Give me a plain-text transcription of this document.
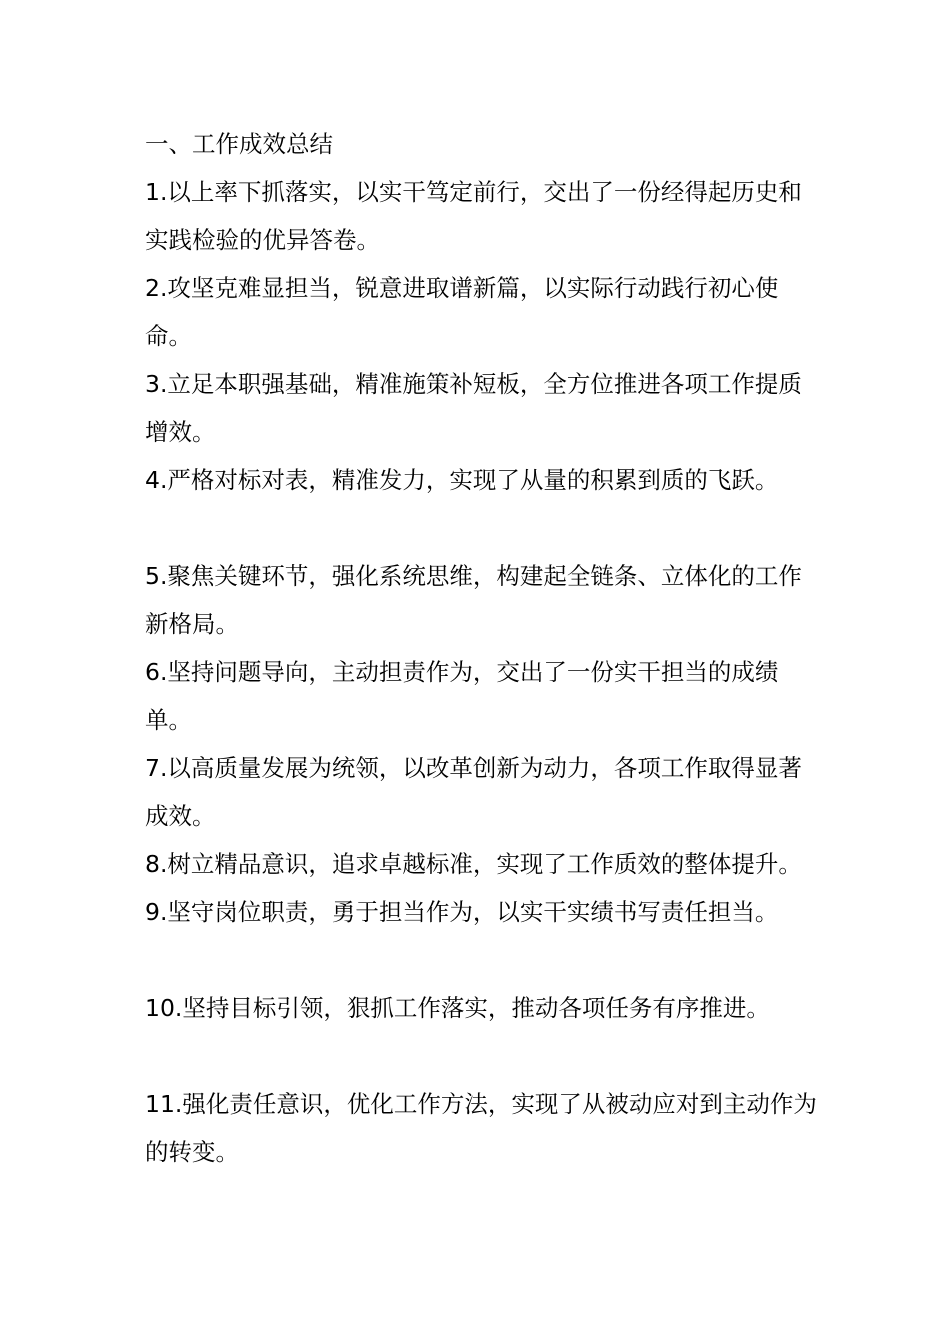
一、工作成效总结

1.以上率下抓落实，以实干笃定前行，交出了一份经得起历史和实践检验的优异答卷。

2.攻坚克难显担当，锐意进取谱新篇，以实际行动践行初心使命。

3.立足本职强基础，精准施策补短板，全方位推进各项工作提质增效。

4.严格对标对表，精准发力，实现了从量的积累到质的飞跃。

5.聚焦关键环节，强化系统思维，构建起全链条、立体化的工作新格局。

6.坚持问题导向，主动担责作为，交出了一份实干担当的成绩单。

7.以高质量发展为统领，以改革创新为动力，各项工作取得显著成效。

8.树立精品意识，追求卓越标准，实现了工作质效的整体提升。

9.坚守岗位职责，勇于担当作为，以实干实绩书写责任担当。

10.坚持目标引领，狠抓工作落实，推动各项任务有序推进。

11.强化责任意识，优化工作方法，实现了从被动应对到主动作为的转变。
